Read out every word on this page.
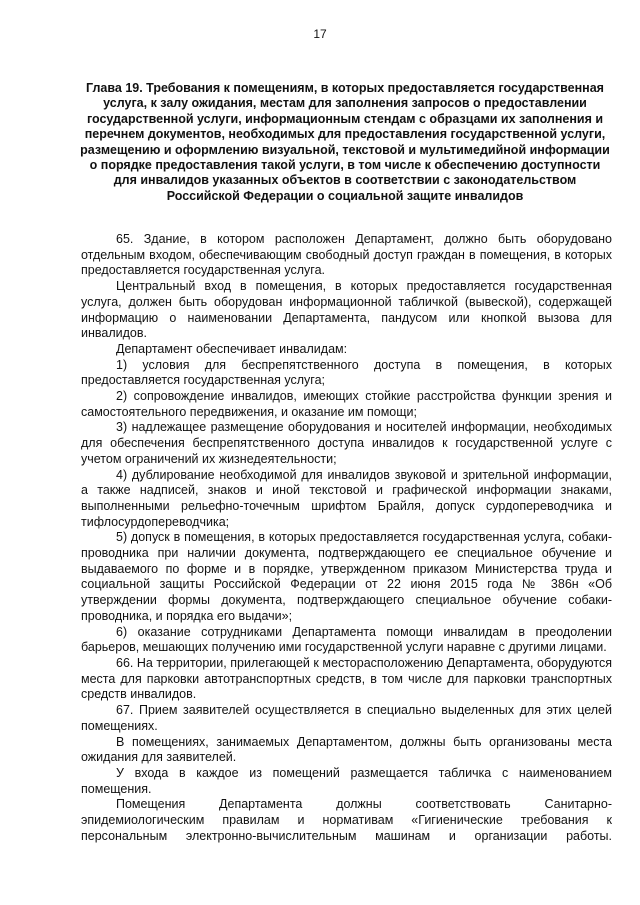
17
Глава 19. Требования к помещениям, в которых предоставляется государственная услуга, к залу ожидания, местам для заполнения запросов о предоставлении государственной услуги, информационным стендам с образцами их заполнения и перечнем документов, необходимых для предоставления государственной услуги, размещению и оформлению визуальной, текстовой и мультимедийной информации о порядке предоставления такой услуги, в том числе к обеспечению доступности для инвалидов указанных объектов в соответствии с законодательством Российской Федерации о социальной защите инвалидов

65. Здание, в котором расположен Департамент, должно быть оборудовано отдельным входом, обеспечивающим свободный доступ граждан в помещения, в которых предоставляется государственная услуга.

Центральный вход в помещения, в которых предоставляется государственная услуга, должен быть оборудован информационной табличкой (вывеской), содержащей информацию о наименовании Департамента, пандусом или кнопкой вызова для инвалидов.

Департамент обеспечивает инвалидам:

1) условия для беспрепятственного доступа в помещения, в которых предоставляется государственная услуга;

2) сопровождение инвалидов, имеющих стойкие расстройства функции зрения и самостоятельного передвижения, и оказание им помощи;

3) надлежащее размещение оборудования и носителей информации, необходимых для обеспечения беспрепятственного доступа инвалидов к государственной услуге с учетом ограничений их жизнедеятельности;

4) дублирование необходимой для инвалидов звуковой и зрительной информации, а также надписей, знаков и иной текстовой и графической информации знаками, выполненными рельефно-точечным шрифтом Брайля, допуск сурдопереводчика и тифлосурдопереводчика;

5) допуск в помещения, в которых предоставляется государственная услуга, собаки-проводника при наличии документа, подтверждающего ее специальное обучение и выдаваемого по форме и в порядке, утвержденном приказом Министерства труда и социальной защиты Российской Федерации от 22 июня 2015 года № 386н «Об утверждении формы документа, подтверждающего специальное обучение собаки-проводника, и порядка его выдачи»;

6) оказание сотрудниками Департамента помощи инвалидам в преодолении барьеров, мешающих получению ими государственной услуги наравне с другими лицами.

66. На территории, прилегающей к месторасположению Департамента, оборудуются места для парковки автотранспортных средств, в том числе для парковки транспортных средств инвалидов.

67. Прием заявителей осуществляется в специально выделенных для этих целей помещениях.

В помещениях, занимаемых Департаментом, должны быть организованы места ожидания для заявителей.

У входа в каждое из помещений размещается табличка с наименованием помещения.

Помещения Департамента должны соответствовать Санитарно-эпидемиологическим правилам и нормативам «Гигиенические требования к персональным электронно-вычислительным машинам и организации работы.
